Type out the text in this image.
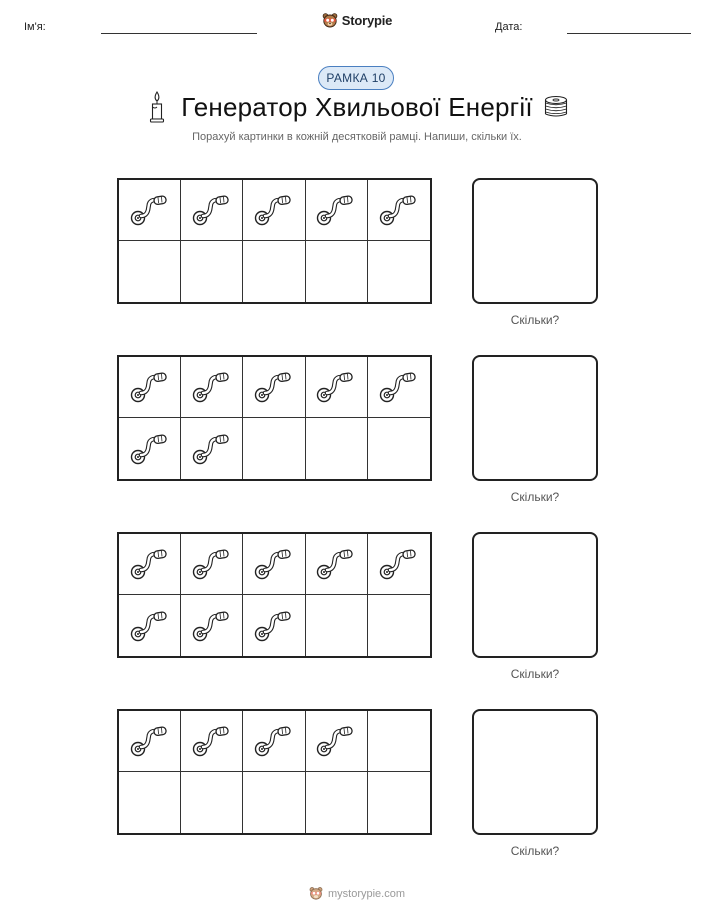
Ім'я:	Storypie	Дата:
РАМКА 10
Генератор Хвильової Енергії
Порахуй картинки в кожній десятковій рамці. Напиши, скільки їх.
Скільки?
Скільки?
Скільки?
Скільки?
mystorypie.com
